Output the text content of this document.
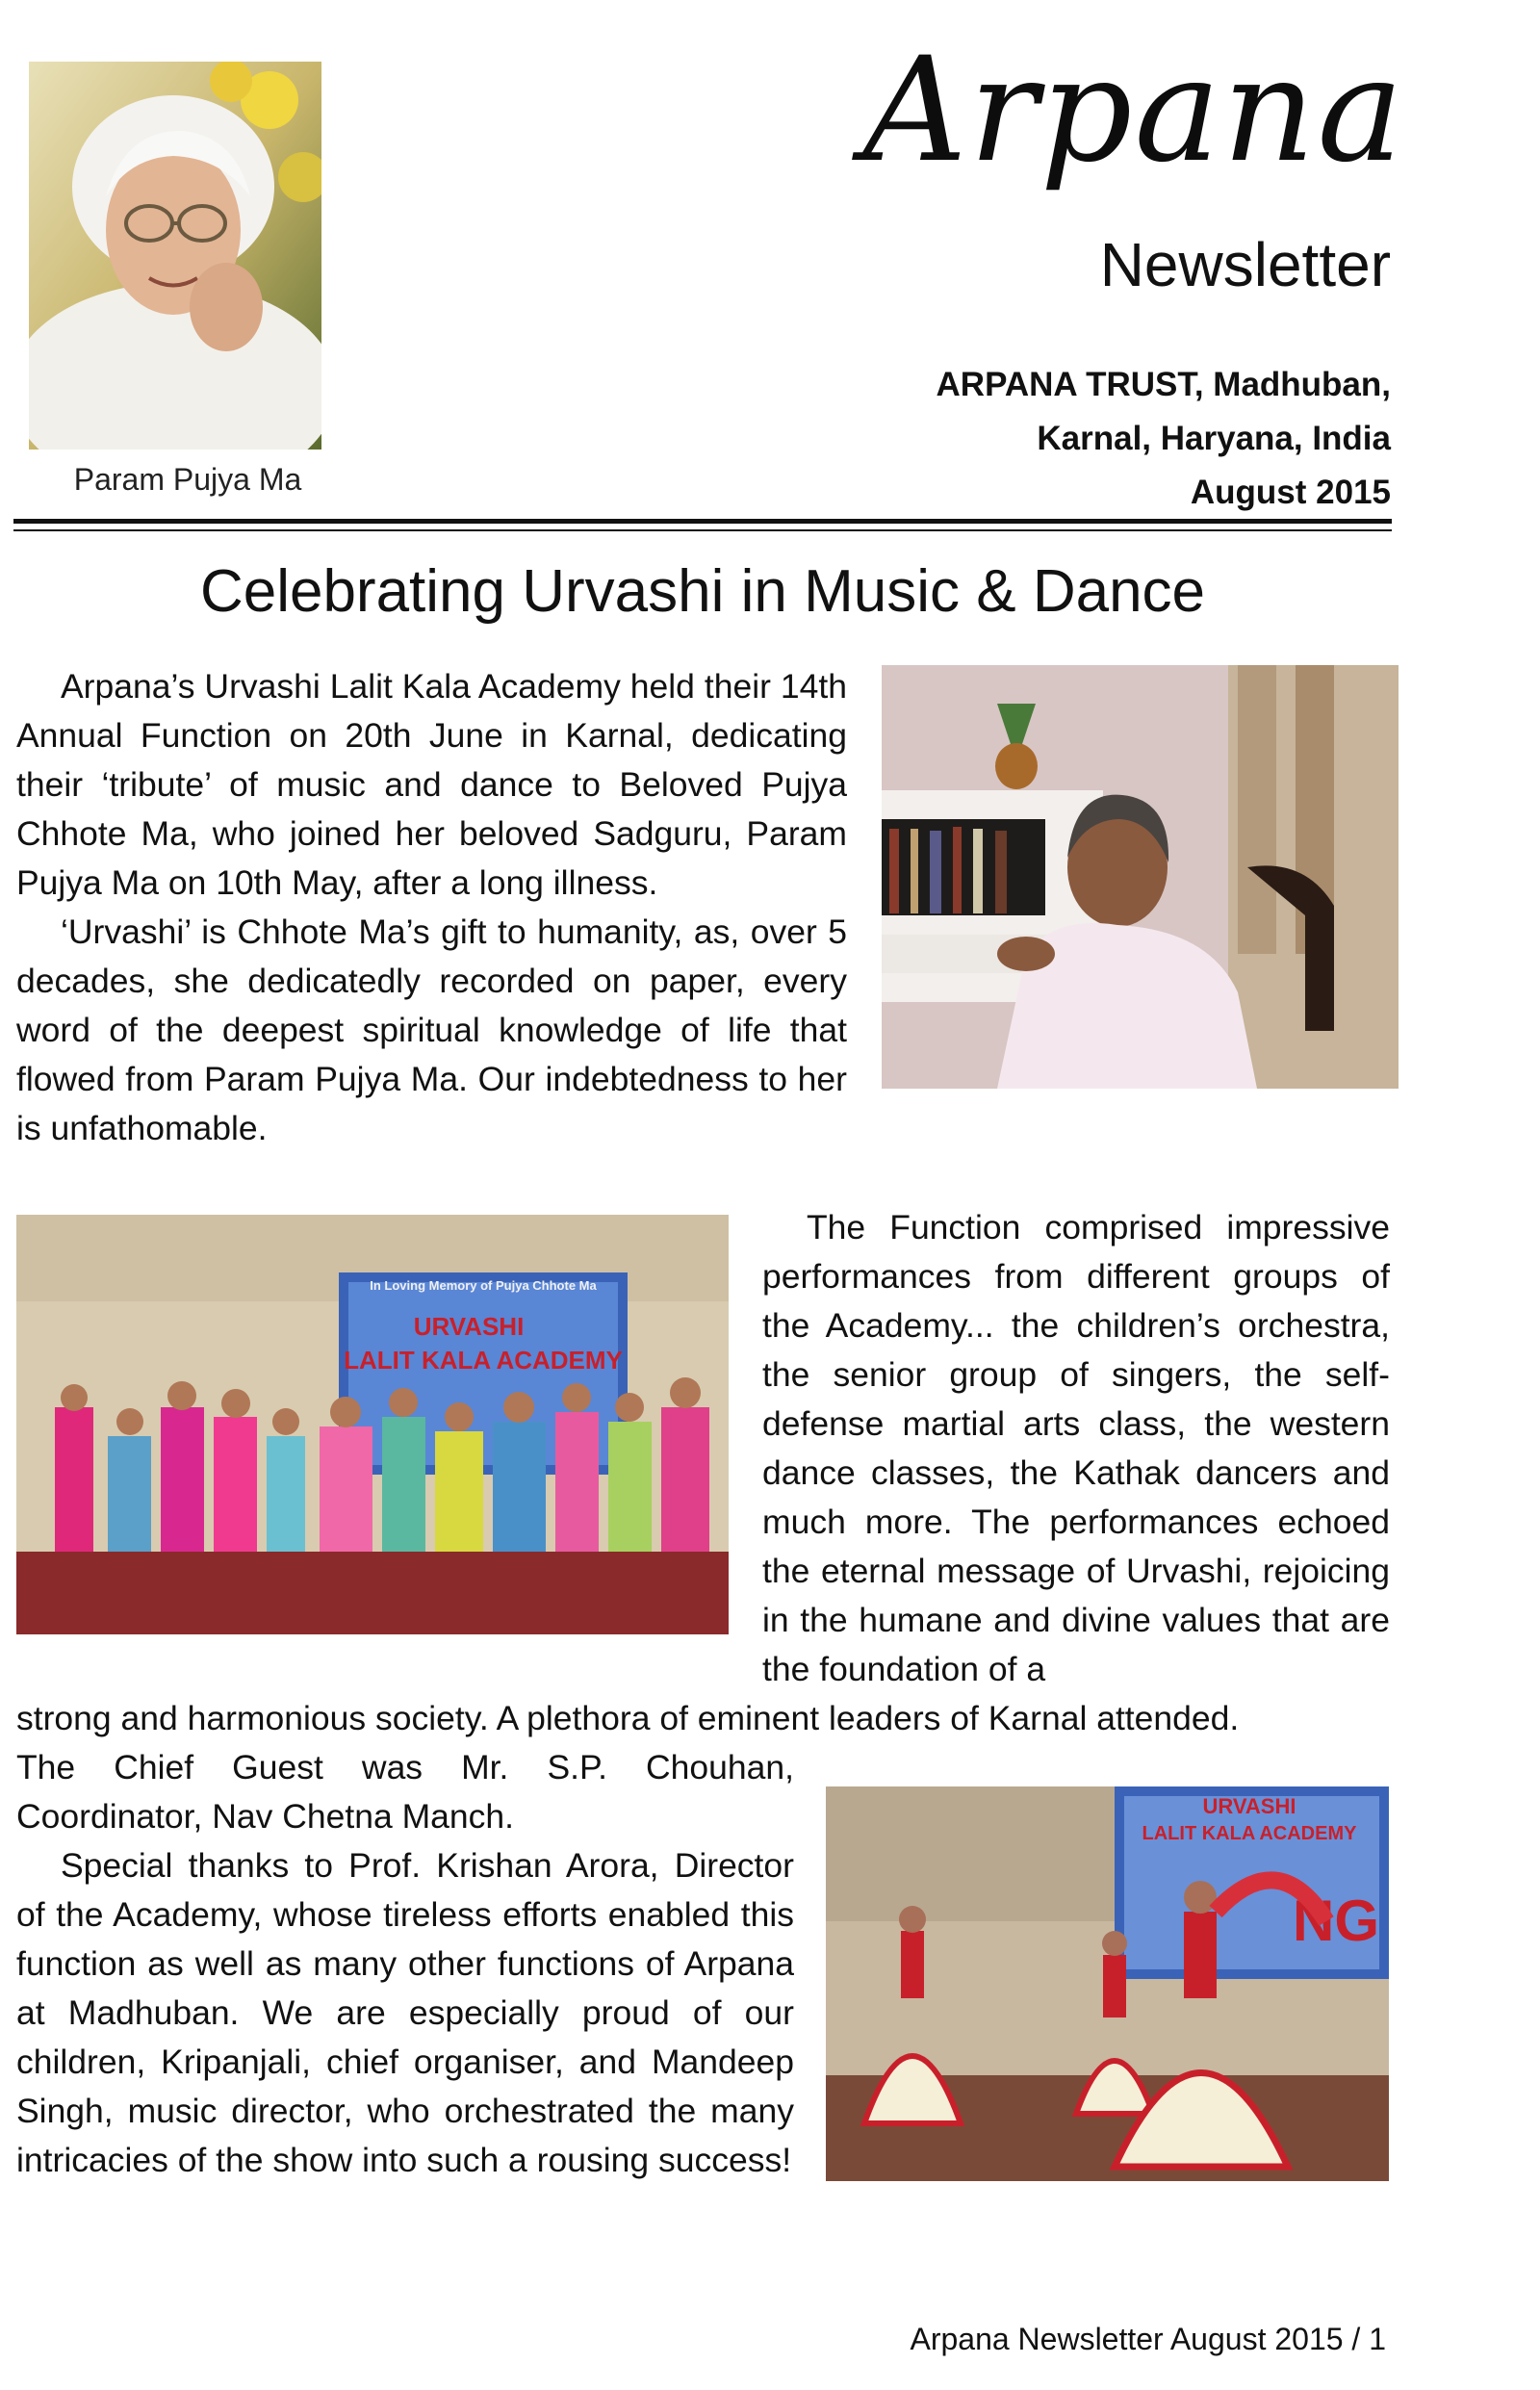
Param Pujya Ma
Arpana
Newsletter
ARPANA TRUST, Madhuban,
Karnal, Haryana, India
August 2015
Celebrating Urvashi in Music & Dance

Arpana’s Urvashi Lalit Kala Academy held their 14th Annual Function on 20th June in Karnal, dedicating their ‘tribute’ of music and dance to Beloved Pujya Chhote Ma, who joined her beloved Sadguru, Param Pujya Ma on 10th May, after a long illness.

‘Urvashi’ is Chhote Ma’s gift to humanity, as, over 5 decades, she dedicatedly recorded on paper, every word of the deepest spiritual knowledge of life that flowed from Param Pujya Ma. Our indebtedness to her is unfathomable.

In Loving Memory of Pujya Chhote Ma
URVASHI
LALIT KALA ACADEMY

The Function comprised impressive performances from different groups of the Academy... the children’s orchestra, the senior group of singers, the self-defense martial arts class, the western dance classes, the Kathak dancers and much more. The performances echoed the eternal message of Urvashi, rejoicing in the humane and divine values that are the foundation of a

strong and harmonious society. A plethora of eminent leaders of Karnal attended.

The Chief Guest was Mr. S.P. Chouhan, Coordinator, Nav Chetna Manch.

Special thanks to Prof. Krishan Arora, Director of the Academy, whose tireless efforts enabled this function as well as many other functions of Arpana at Madhuban. We are especially proud of our children, Kripanjali, chief organiser, and Mandeep Singh, music director, who orchestrated the many intricacies of the show into such a rousing success!

URVASHI
LALIT KALA ACADEMY
NG
Arpana Newsletter August 2015 / 1
